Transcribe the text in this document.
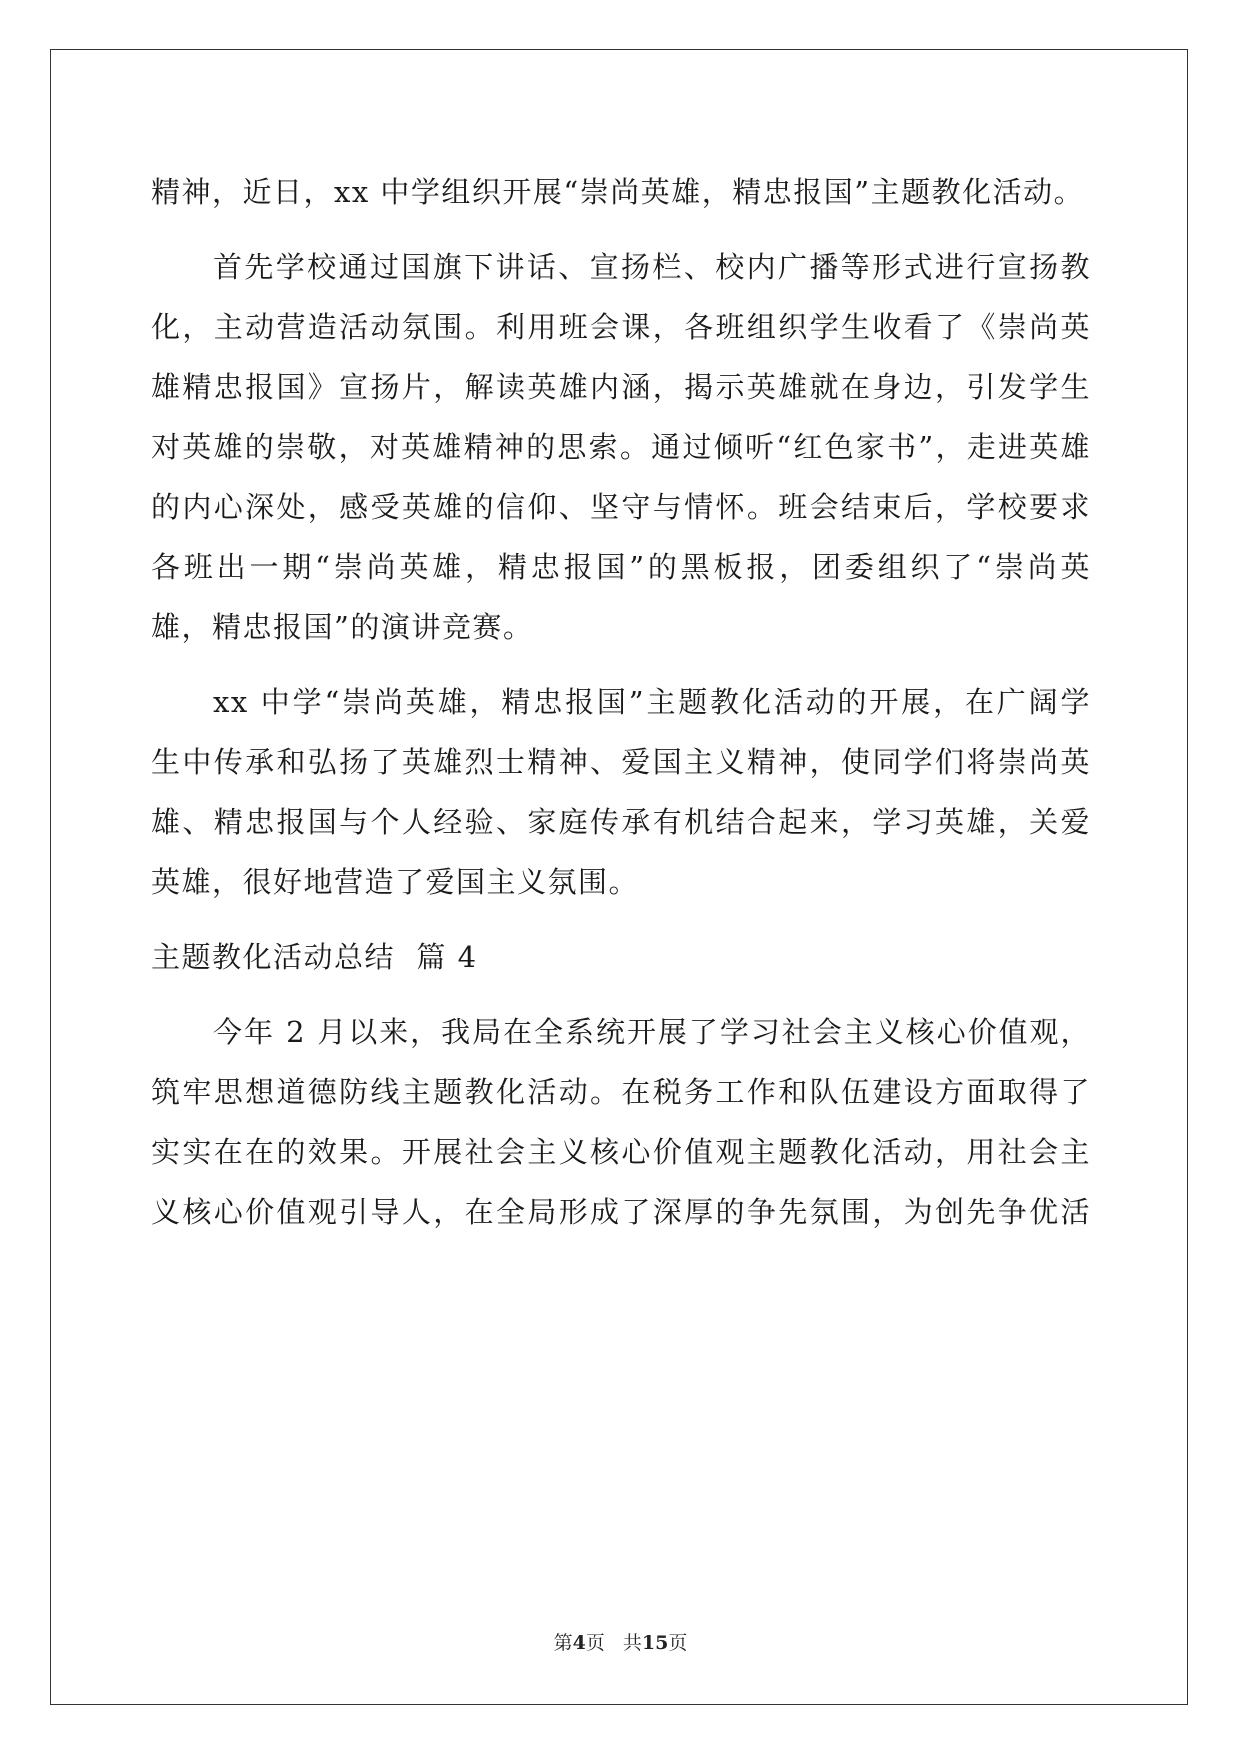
精神，近日，xx 中学组织开展“崇尚英雄，精忠报国”主题教化活动。
首先学校通过国旗下讲话、宣扬栏、校内广播等形式进行宣扬教
化，主动营造活动氛围。利用班会课，各班组织学生收看了《崇尚英
雄精忠报国》宣扬片，解读英雄内涵，揭示英雄就在身边，引发学生
对英雄的崇敬，对英雄精神的思索。通过倾听“红色家书”，走进英雄
的内心深处，感受英雄的信仰、坚守与情怀。班会结束后，学校要求
各班出一期“崇尚英雄，精忠报国”的黑板报，团委组织了“崇尚英
雄，精忠报国”的演讲竞赛。
xx 中学“崇尚英雄，精忠报国”主题教化活动的开展，在广阔学
生中传承和弘扬了英雄烈士精神、爱国主义精神，使同学们将崇尚英
雄、精忠报国与个人经验、家庭传承有机结合起来，学习英雄，关爱
英雄，很好地营造了爱国主义氛围。
主题教化活动总结  篇 4
今年 2 月以来，我局在全系统开展了学习社会主义核心价值观，
筑牢思想道德防线主题教化活动。在税务工作和队伍建设方面取得了
实实在在的效果。开展社会主义核心价值观主题教化活动，用社会主
义核心价值观引导人，在全局形成了深厚的争先氛围，为创先争优活
第4页 共15页
